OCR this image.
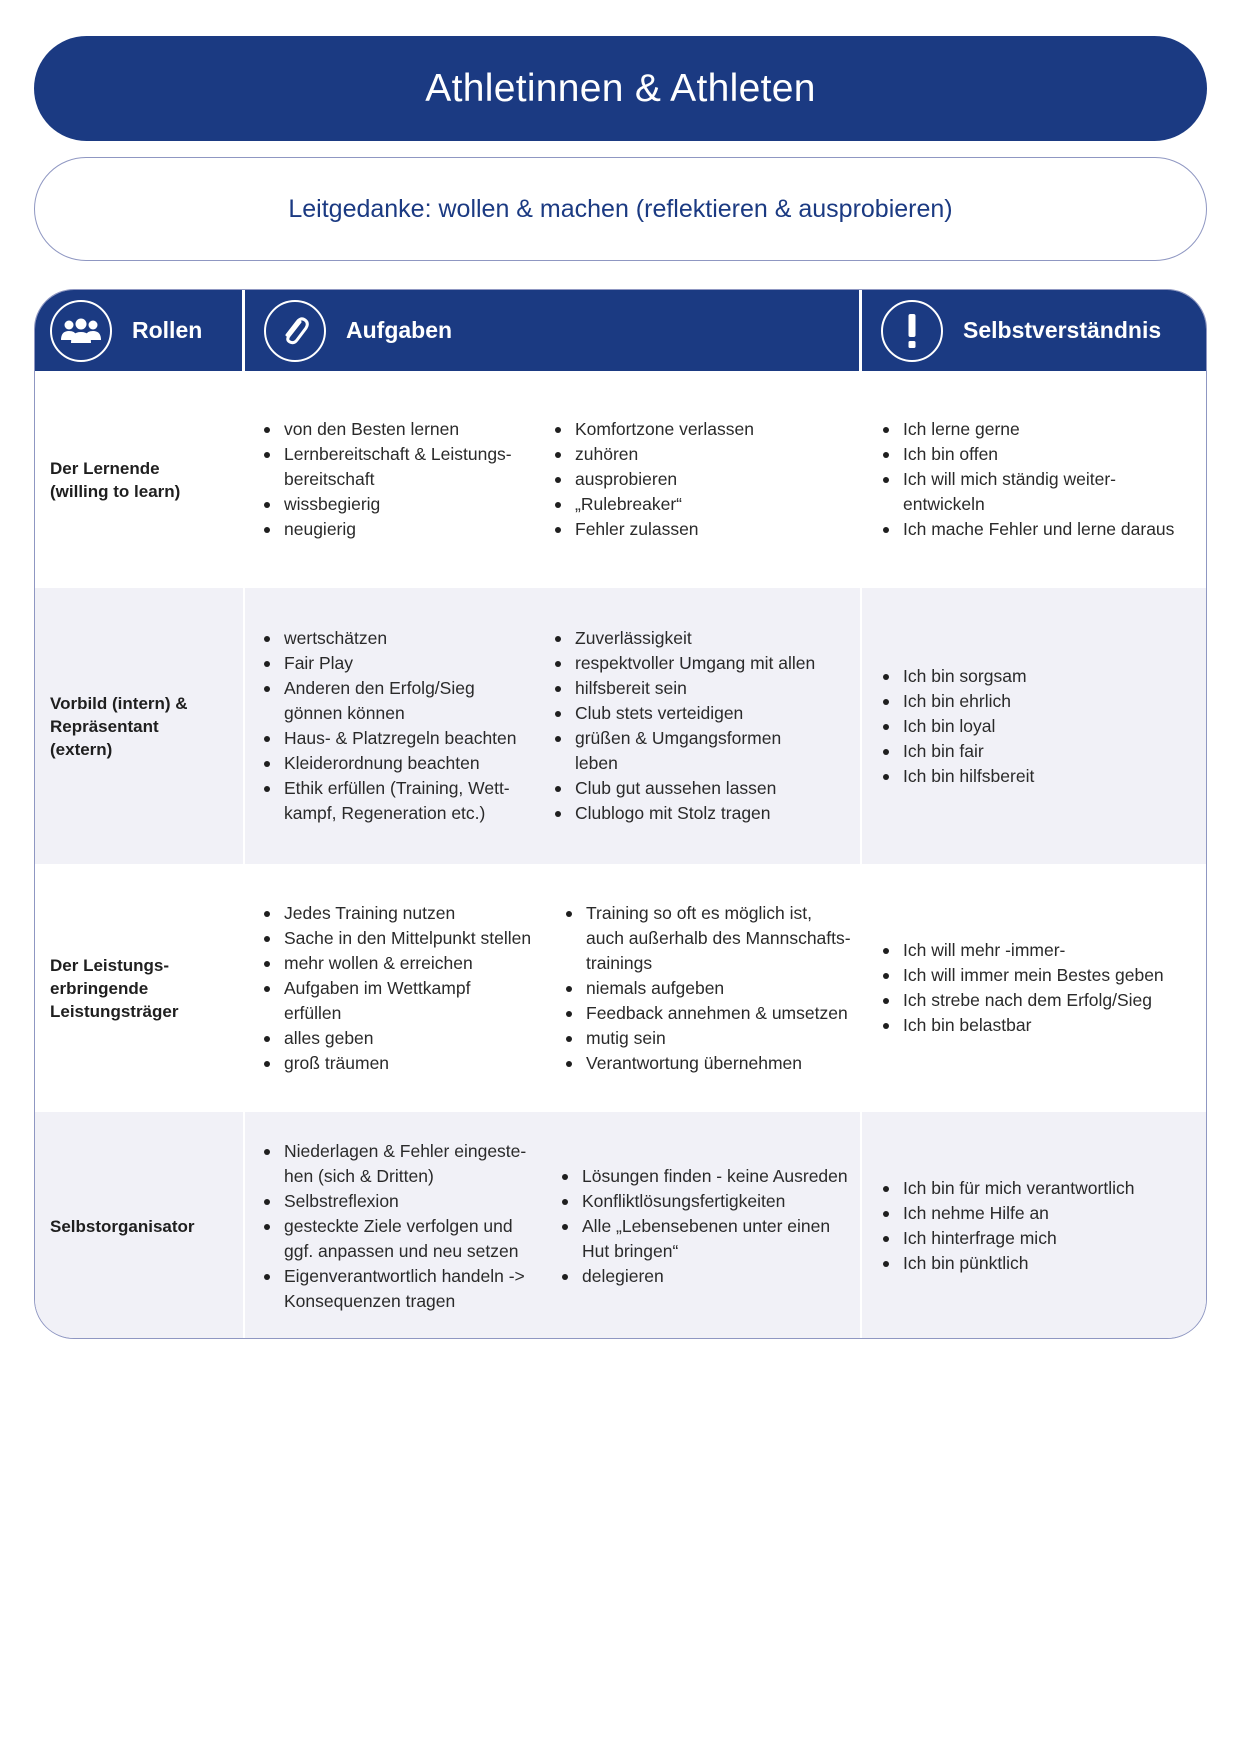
Athletinnen & Athleten
Leitgedanke: wollen & machen (reflektieren & ausprobieren)
Rollen	Aufgaben	Selbstverständnis
Der Lernende
(willing to learn)
von den Besten lernen
Lernbereitschaft & Leistungs-
bereitschaft
wissbegierig
neugierig
Komfortzone verlassen
zuhören
ausprobieren
„Rulebreaker“
Fehler zulassen
Ich lerne gerne
Ich bin offen
Ich will mich ständig weiter-
entwickeln
Ich mache Fehler und lerne daraus
Vorbild (intern) &
Repräsentant
(extern)
wertschätzen
Fair Play
Anderen den Erfolg/Sieg
gönnen können
Haus- & Platzregeln beachten
Kleiderordnung beachten
Ethik erfüllen (Training, Wett-
kampf, Regeneration etc.)
Zuverlässigkeit
respektvoller Umgang mit allen
hilfsbereit sein
Club stets verteidigen
grüßen & Umgangsformen
leben
Club gut aussehen lassen
Clublogo mit Stolz tragen
Ich bin sorgsam
Ich bin ehrlich
Ich bin loyal
Ich bin fair
Ich bin hilfsbereit
Der Leistungs-
erbringende
Leistungsträger
Jedes Training nutzen
Sache in den Mittelpunkt stellen
mehr wollen & erreichen
Aufgaben im Wettkampf
erfüllen
alles geben
groß träumen
Training so oft es möglich ist,
auch außerhalb des Mannschafts-
trainings
niemals aufgeben
Feedback annehmen & umsetzen
mutig sein
Verantwortung übernehmen
Ich will mehr -immer-
Ich will immer mein Bestes geben
Ich strebe nach dem Erfolg/Sieg
Ich bin belastbar
Selbstorganisator
Niederlagen & Fehler eingeste-
hen (sich & Dritten)
Selbstreflexion
gesteckte Ziele verfolgen und
ggf. anpassen und neu setzen
Eigenverantwortlich handeln ->
Konsequenzen tragen
Lösungen finden - keine Ausreden
Konfliktlösungsfertigkeiten
Alle „Lebensebenen unter einen
Hut bringen“
delegieren
Ich bin für mich verantwortlich
Ich nehme Hilfe an
Ich hinterfrage mich
Ich bin pünktlich
